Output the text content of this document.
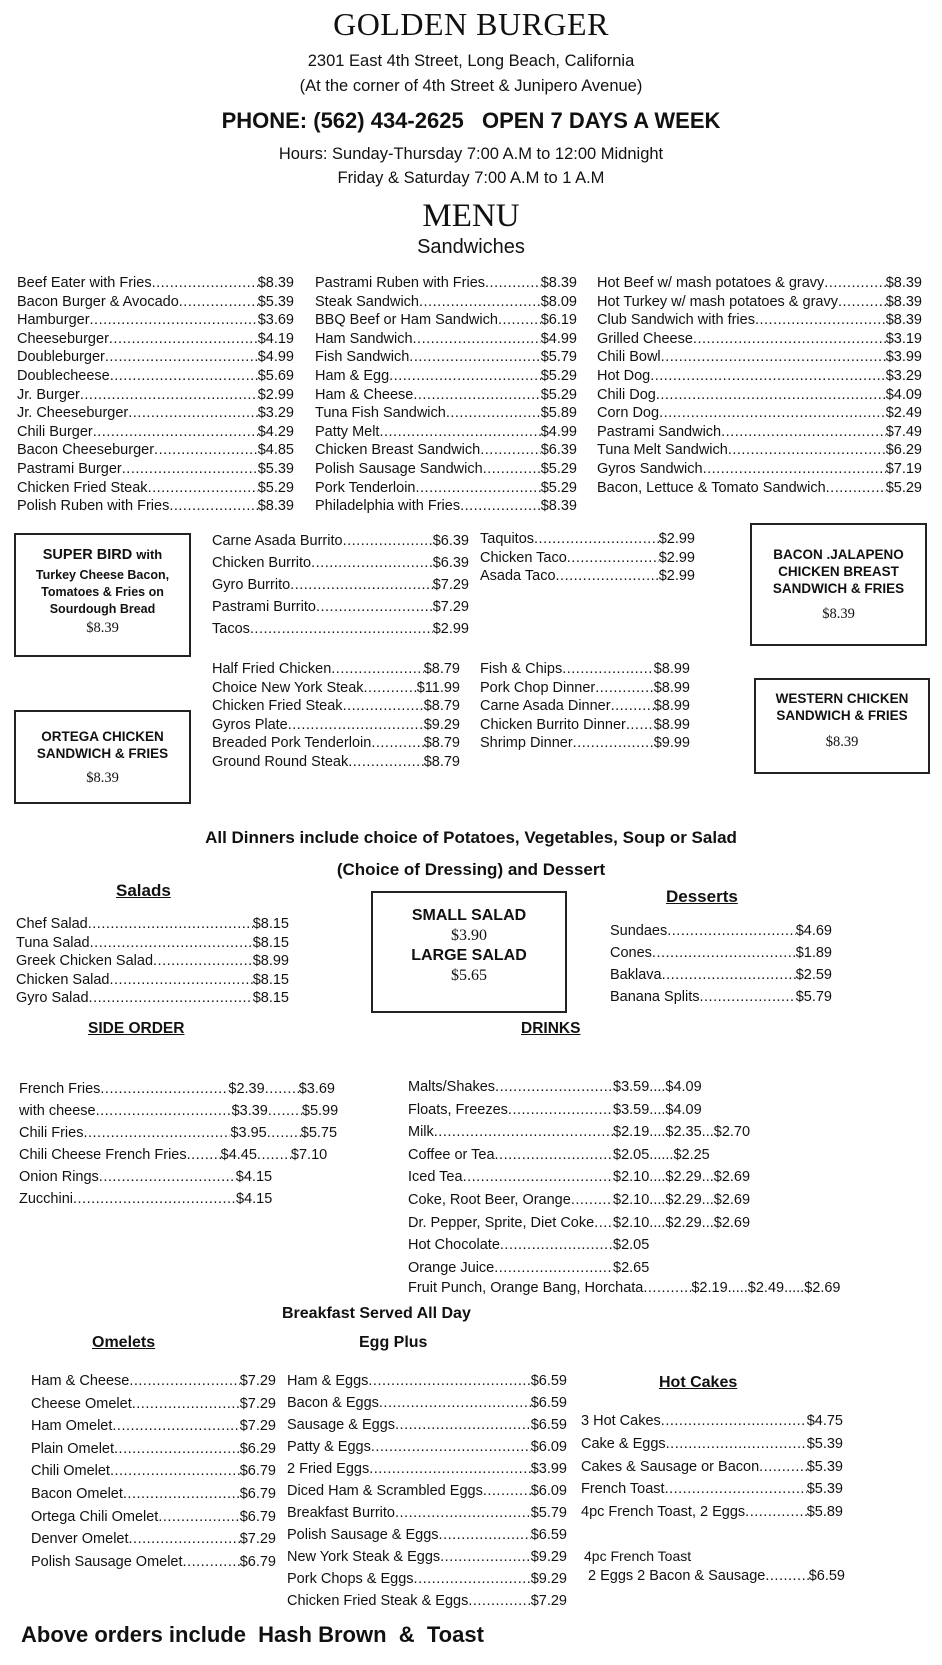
GOLDEN BURGER
2301 East 4th Street, Long Beach, California
(At the corner of 4th Street & Junipero Avenue)
PHONE: (562) 434-2625   OPEN 7 DAYS A WEEK
Hours: Sunday-Thursday 7:00 A.M to 12:00 Midnight
Friday & Saturday 7:00 A.M to 1 A.M
MENU
Sandwiches
Beef Eater with Fries .....	$8.39
Bacon Burger & Avocado .....	$5.39
Hamburger .....	$3.69
Cheeseburger .....	$4.19
Doubleburger .....	$4.99
Doublecheese .....	$5.69
Jr. Burger .....	$2.99
Jr. Cheeseburger .....	$3.29
Chili Burger .....	$4.29
Bacon Cheeseburger .....	$4.85
Pastrami Burger .....	$5.39
Chicken Fried Steak .....	$5.29
Polish Ruben with Fries .....	$8.39
Pastrami Ruben with Fries .....	$8.39
Steak Sandwich .....	$8.09
BBQ Beef or Ham Sandwich .....	$6.19
Ham Sandwich .....	$4.99
Fish Sandwich .....	$5.79
Ham & Egg .....	$5.29
Ham & Cheese .....	$5.29
Tuna Fish Sandwich .....	$5.89
Patty Melt .....	$4.99
Chicken Breast Sandwich .....	$6.39
Polish Sausage Sandwich .....	$5.29
Pork Tenderloin .....	$5.29
Philadelphia with Fries .....	$8.39
Hot Beef w/ mash potatoes & gravy .....	$8.39
Hot Turkey w/ mash potatoes & gravy .....	$8.39
Club Sandwich with fries .....	$8.39
Grilled Cheese .....	$3.19
Chili Bowl .....	$3.99
Hot Dog .....	$3.29
Chili Dog .....	$4.09
Corn Dog .....	$2.49
Pastrami Sandwich .....	$7.49
Tuna Melt Sandwich .....	$6.29
Gyros Sandwich .....	$7.19
Bacon, Lettuce & Tomato Sandwich .....	$5.29
SUPER BIRD with
Turkey Cheese Bacon,
Tomatoes & Fries on
Sourdough Bread
$8.39
BACON .JALAPENO
CHICKEN BREAST
SANDWICH & FRIES
$8.39
ORTEGA CHICKEN
SANDWICH & FRIES
$8.39
WESTERN CHICKEN
SANDWICH & FRIES
$8.39
Carne Asada Burrito .....	$6.39
Chicken Burrito .....	$6.39
Gyro Burrito .....	$7.29
Pastrami Burrito .....	$7.29
Tacos .....	$2.99
Taquitos .....	$2.99
Chicken Taco .....	$2.99
Asada Taco .....	$2.99
Half Fried Chicken .....	$8.79
Choice New York Steak .....	$11.99
Chicken Fried Steak .....	$8.79
Gyros Plate .....	$9.29
Breaded Pork Tenderloin .....	$8.79
Ground Round Steak .....	$8.79
Fish & Chips .....	$8.99
Pork Chop Dinner .....	$8.99
Carne Asada Dinner .....	$8.99
Chicken Burrito Dinner ..... $8.99
Shrimp Dinner .....	$9.99
All Dinners include choice of Potatoes, Vegetables, Soup or Salad
(Choice of Dressing) and Dessert
Salads
Chef Salad .....	$8.15
Tuna Salad .....	$8.15
Greek Chicken Salad .....	$8.99
Chicken Salad .....	$8.15
Gyro Salad .....	$8.15
SMALL SALAD
$3.90
LARGE SALAD
$5.65
Desserts
Sundaes .....	$4.69
Cones .....	$1.89
Baklava .....	$2.59
Banana Splits .....	$5.79
SIDE ORDER
French Fries .....	$2.39 ..... $3.69
with cheese .....	$3.39 ..... $5.99
Chili Fries .....	$3.95 ..... $5.75
Chili Cheese French Fries ..... $4.45 ..... $7.10
Onion Rings .....	$4.15
Zucchini .....	$4.15
DRINKS
Malts/Shakes .....	$3.59....$4.09
Floats, Freezes .....	$3.59....$4.09
Milk .....	$2.19....$2.35...$2.70
Coffee or Tea .....	$2.05......$2.25
Iced Tea .....	$2.10....$2.29...$2.69
Coke, Root Beer, Orange .....	$2.10....$2.29...$2.69
Dr. Pepper, Sprite, Diet Coke ..... $2.10....$2.29...$2.69
Hot Chocolate .....	$2.05
Orange Juice .....	$2.65
Fruit Punch, Orange Bang, Horchata .....	$2.19.....$2.49.....$2.69
Breakfast Served All Day
Omelets	Egg Plus
Hot Cakes
Ham & Cheese .....	$7.29
Cheese Omelet .....	$7.29
Ham Omelet .....	$7.29
Plain Omelet .....	$6.29
Chili Omelet .....	$6.79
Bacon Omelet .....	$6.79
Ortega Chili Omelet .....	$6.79
Denver Omelet .....	$7.29
Polish Sausage Omelet .....	$6.79
Ham & Eggs .....	$6.59
Bacon & Eggs .....	$6.59
Sausage & Eggs .....	$6.59
Patty & Eggs .....	$6.09
2 Fried Eggs .....	$3.99
Diced Ham & Scrambled Eggs .....	$6.09
Breakfast Burrito .....	$5.79
Polish Sausage & Eggs .....	$6.59
New York Steak & Eggs .....	$9.29
Pork Chops & Eggs .....	$9.29
Chicken Fried Steak & Eggs .....	$7.29
3 Hot Cakes .....	$4.75
Cake & Eggs .....	$5.39
Cakes & Sausage or Bacon .....	$5.39
French Toast .....	$5.39
4pc French Toast, 2 Eggs .....	$5.89
4pc French Toast
2 Eggs 2 Bacon & Sausage .....	$6.59
Above orders include  Hash Brown  &  Toast
